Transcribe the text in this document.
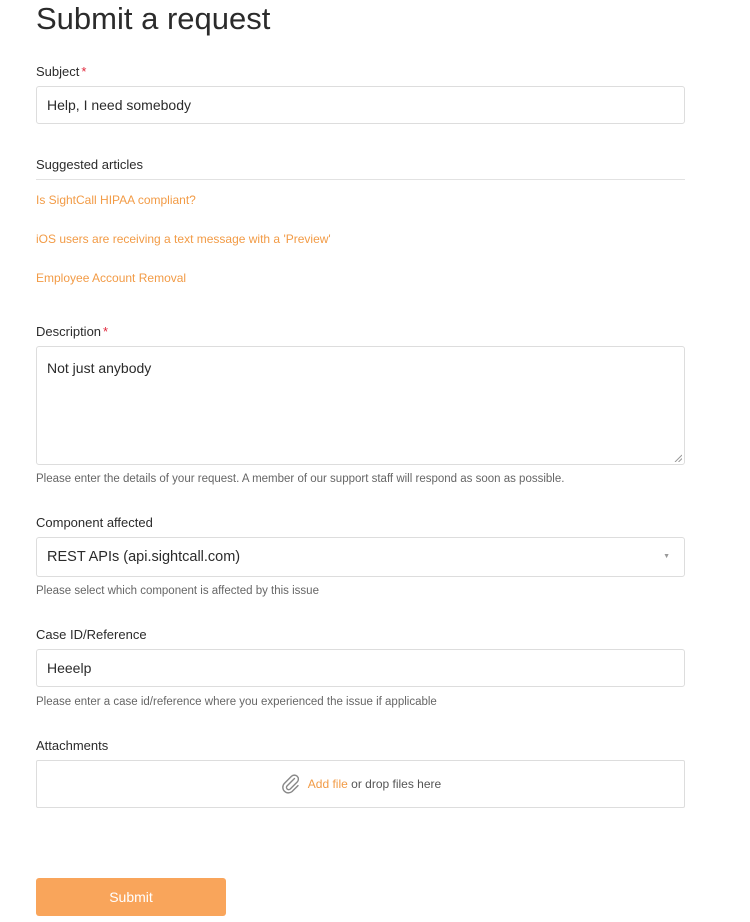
Submit a request
Subject *
Help, I need somebody
Suggested articles
Is SightCall HIPAA compliant?
iOS users are receiving a text message with a 'Preview'
Employee Account Removal
Description *
Not just anybody
Please enter the details of your request. A member of our support staff will respond as soon as possible.
Component affected
REST APIs (api.sightcall.com)	▼
Please select which component is affected by this issue
Case ID/Reference
Heeelp
Please enter a case id/reference where you experienced the issue if applicable
Attachments
Add file or drop files here
Submit
